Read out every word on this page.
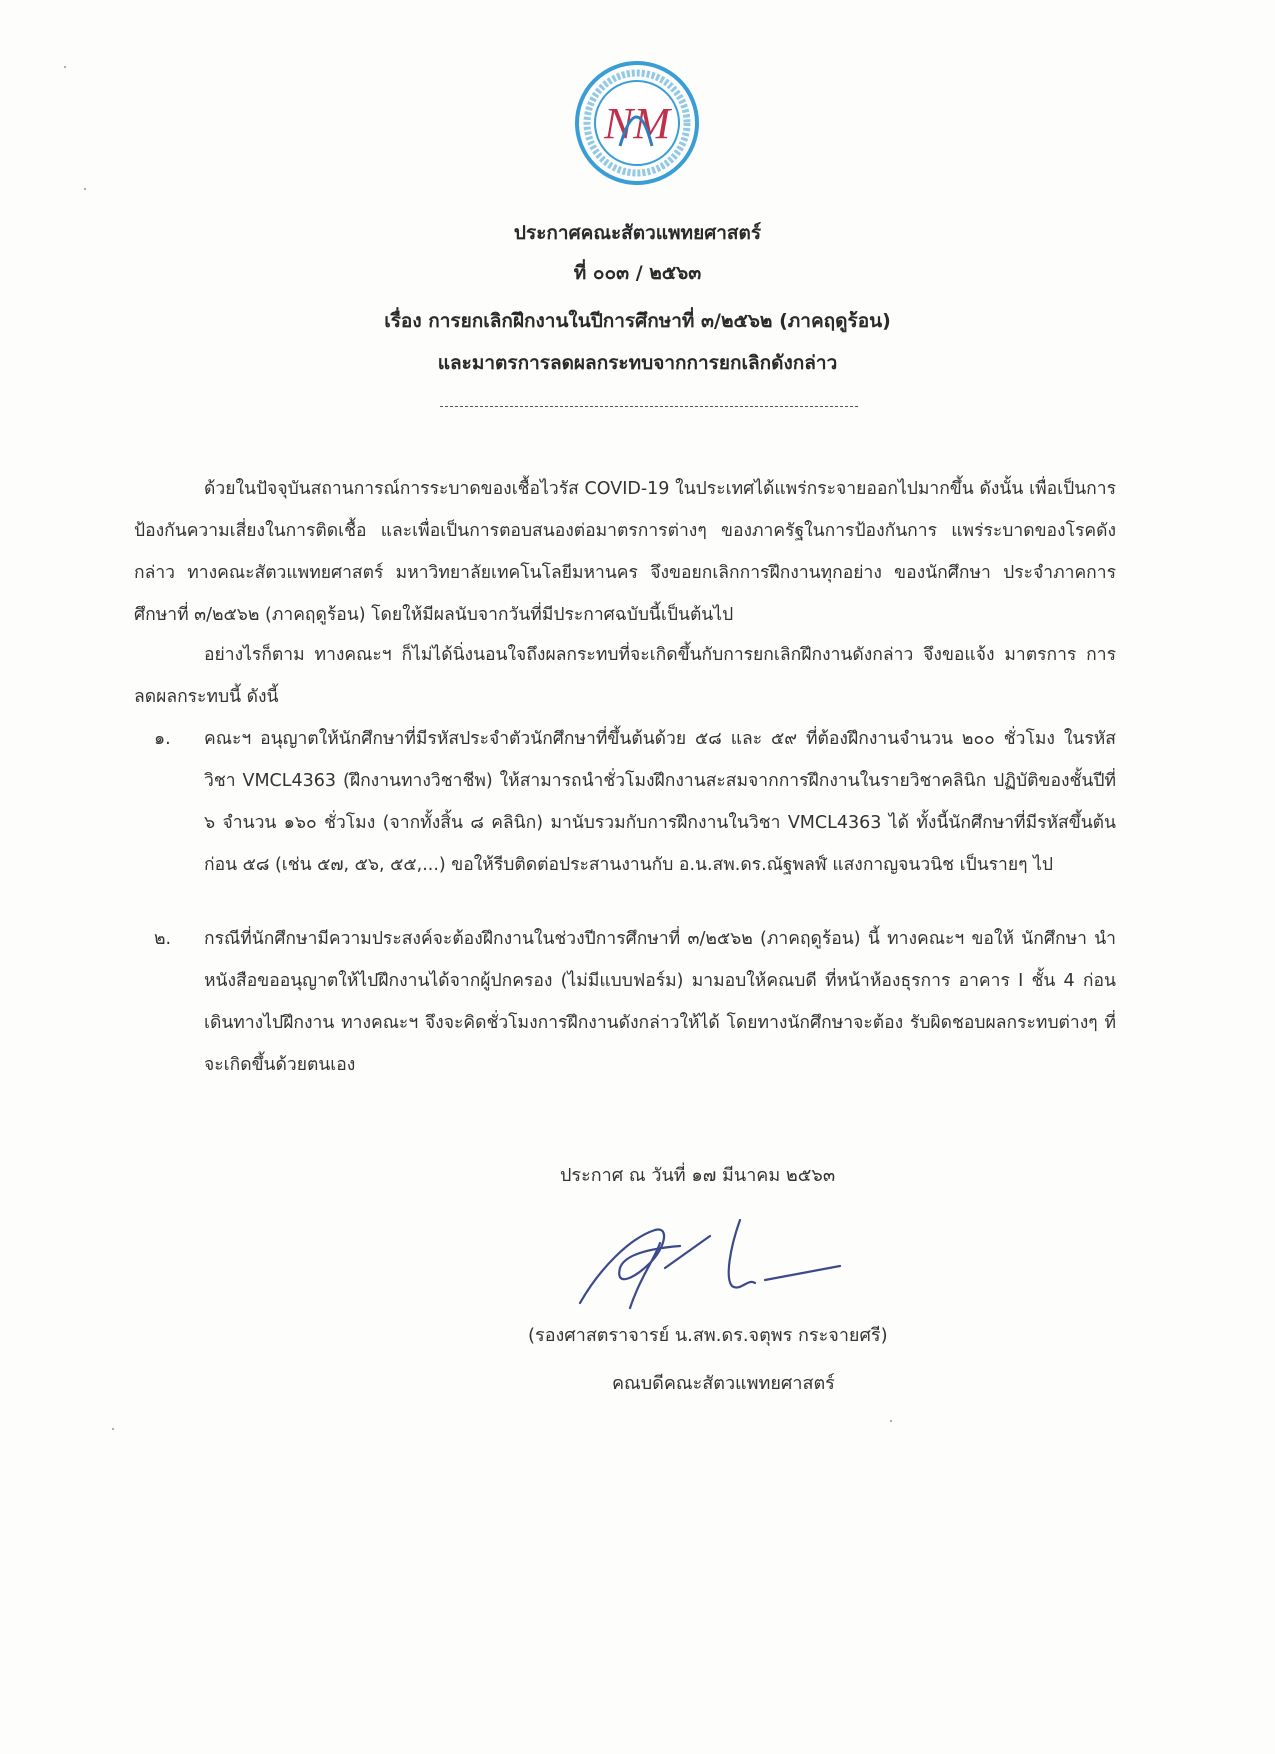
NM
ประกาศคณะสัตวแพทยศาสตร์
ที่ ๐๐๓ / ๒๕๖๓
เรื่อง การยกเลิกฝึกงานในปีการศึกษาที่ ๓/๒๕๖๒ (ภาคฤดูร้อน)
และมาตรการลดผลกระทบจากการยกเลิกดังกล่าว
ด้วยในปัจจุบันสถานการณ์การระบาดของเชื้อไวรัส COVID-19 ในประเทศได้แพร่กระจายออกไปมากขึ้น ดังนั้น เพื่อเป็นการป้องกันความเสี่ยงในการติดเชื้อ และเพื่อเป็นการตอบสนองต่อมาตรการต่างๆ ของภาครัฐในการป้องกันการ แพร่ระบาดของโรคดังกล่าว ทางคณะสัตวแพทยศาสตร์ มหาวิทยาลัยเทคโนโลยีมหานคร จึงขอยกเลิกการฝึกงานทุกอย่าง ของนักศึกษา ประจำภาคการศึกษาที่ ๓/๒๕๖๒ (ภาคฤดูร้อน) โดยให้มีผลนับจากวันที่มีประกาศฉบับนี้เป็นต้นไป
อย่างไรก็ตาม ทางคณะฯ ก็ไม่ได้นิ่งนอนใจถึงผลกระทบที่จะเกิดขึ้นกับการยกเลิกฝึกงานดังกล่าว จึงขอแจ้ง มาตรการ การลดผลกระทบนี้ ดังนี้
๑. คณะฯ อนุญาตให้นักศึกษาที่มีรหัสประจำตัวนักศึกษาที่ขึ้นต้นด้วย ๕๘ และ ๕๙ ที่ต้องฝึกงานจำนวน ๒๐๐ ชั่วโมง ในรหัสวิชา VMCL4363 (ฝึกงานทางวิชาชีพ) ให้สามารถนำชั่วโมงฝึกงานสะสมจากการฝึกงานในรายวิชาคลินิก ปฏิบัติของชั้นปีที่ ๖ จำนวน ๑๖๐ ชั่วโมง (จากทั้งสิ้น ๘ คลินิก) มานับรวมกับการฝึกงานในวิชา VMCL4363 ได้ ทั้งนี้นักศึกษาที่มีรหัสขึ้นต้นก่อน ๕๘ (เช่น ๕๗, ๕๖, ๕๕,...) ขอให้รีบติดต่อประสานงานกับ อ.น.สพ.ดร.ณัฐพลฬ์ แสงกาญจนวนิช เป็นรายๆ ไป
๒. กรณีที่นักศึกษามีความประสงค์จะต้องฝึกงานในช่วงปีการศึกษาที่ ๓/๒๕๖๒ (ภาคฤดูร้อน) นี้ ทางคณะฯ ขอให้ นักศึกษา นำหนังสือขออนุญาตให้ไปฝึกงานได้จากผู้ปกครอง (ไม่มีแบบฟอร์ม) มามอบให้คณบดี ที่หน้าห้องธุรการ อาคาร I ชั้น 4 ก่อนเดินทางไปฝึกงาน ทางคณะฯ จึงจะคิดชั่วโมงการฝึกงานดังกล่าวให้ได้ โดยทางนักศึกษาจะต้อง รับผิดชอบผลกระทบต่างๆ ที่จะเกิดขึ้นด้วยตนเอง
ประกาศ ณ วันที่ ๑๗ มีนาคม ๒๕๖๓
(รองศาสตราจารย์ น.สพ.ดร.จตุพร กระจายศรี)
คณบดีคณะสัตวแพทยศาสตร์
